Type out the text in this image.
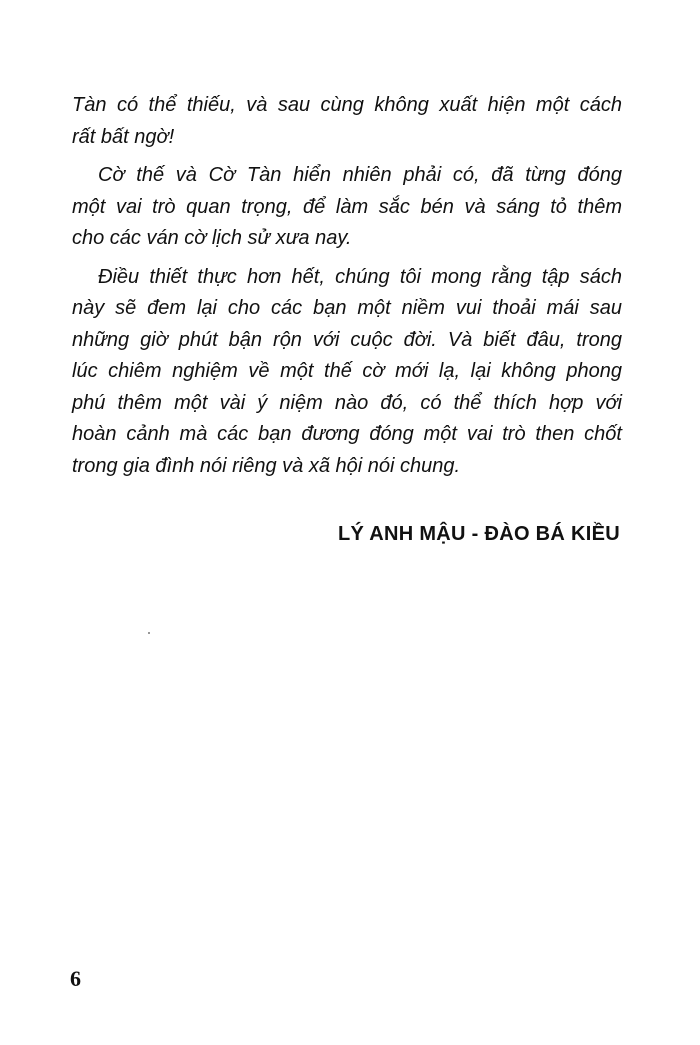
Tàn có thể thiếu, và sau cùng không xuất hiện một cách
rất bất ngờ!

Cờ thế và Cờ Tàn hiển nhiên phải có, đã từng đóng
một vai trò quan trọng, để làm sắc bén và sáng tỏ thêm
cho các ván cờ lịch sử xưa nay.

Điều thiết thực hơn hết, chúng tôi mong rằng tập sách
này sẽ đem lại cho các bạn một niềm vui thoải mái sau
những giờ phút bận rộn với cuộc đời. Và biết đâu, trong
lúc chiêm nghiệm về một thế cờ mới lạ, lại không phong
phú thêm một vài ý niệm nào đó, có thể thích hợp với
hoàn cảnh mà các bạn đương đóng một vai trò then chốt
trong gia đình nói riêng và xã hội nói chung.

LÝ ANH MẬU - ĐÀO BÁ KIỀU
6
